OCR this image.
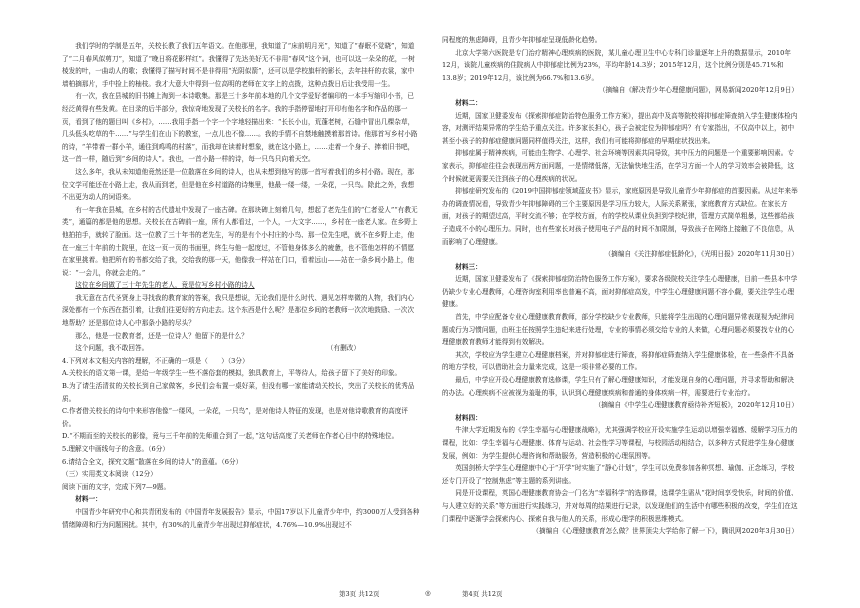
我们学时的学制是五年，关校长教了我们五年语文。在他那里，我知道了“床前明月光”，知道了“春眠不觉晓”，知道了“二月春风似剪刀”，知道了“晚日将花影样红”。我懂得了先达美好无不非用“春风”这个词，也可以这一朵朵的花，一树棱发的叶，一曲动人的歌；我懂得了描写时间不是非得用“光阴似箭”，还可以是学校旗杆的影长，去年挂杆的衣裳，家中墙柏摘那片，手中捡上的柚枝。我才大意大中得到一位高明的老师在文字上的点拨，这种点拨日后让我受用一生。

有一次，我在县城的旧书摊上淘到一本诗歌集。那是三十多年前本地的几个文学爱好者编印的一本手写缩印小书，已经泛黄得有些发黄。在目录的后半部分，我惊奇地发现了关校长的名字。我的手指停留地打开印有他名字和作品的那一页，看到了他的题目叫《乡村》，……我用手指一个字一个字地轻描出来：“长长小山，荒蓬老树，石缝中冒出几棵杂草，几头低头吃草的牛……”与学生们在山下的教室，一点儿也不像……。我的手情不自禁地触摸着那首诗。他那首写乡村小路的诗，“羊带着一群小羊，通往到鸡鸣的村落”，而我却在读着时想象，就在这小路上，……走着一个身子、捧着旧书吧，这一首一样，随后到“乡间的诗人”。我也，一首小路一样的诗，每一只鸟只向着天空。

这么多年，我从未知道他竟然还是一位散落在乡间的诗人，也从未想到他写的那一首写着我们的乡村小路。现在，那位文学可能还在小路上走，我从而到老，但是他在乡村道路的诗集里，他最一缕一缕，一朵花，一只鸟。除此之外，我想不出更为动人的词语来。

有一年我在县城，在乡村的古代遗址中发现了一座古碑。在那块碑上刻着几句，想起了老先生们的“仁者爱人”“有教无类”，通篇的都是他的思想。关校长在古碑前一座，所有人都看过，一个人，一大文字……，乡村在一座老人家。在乡野上他拍拍手，就转了脸面。这一位教了三十年书的老先生，写的是有个小村庄的小鸟、那一位先生吧，就不在乡野上走，他在一座三十年前的土院里，在这一页一页的书面里，终生与他一起度过，不管他身体多么的疲惫，也不管他怎样的不情愿在家里挑着。他把所有的书都交给了我，交给我的那一天，他像我一样站在门口，看着远山——站在一条乡间小路上，他说：“一会儿，你就会走的。”

这位在乡间做了三十年先生的老人，竟是位写乡村小路的诗人

我无意在古代圣贤身上寻找我的教育家的答案，我只是想说，无论我们是什么时代、遇见怎样卑微的人物，我们内心深处都有一个东西在指引着，让我们往更好的方向走去。这个东西是什么呢？是那位乡间的老教师一次次地鼓励、一次次地帮助？还是那位诗人心中那条小路的尽头？

那么，他是一位教育者，还是一位诗人？他留下的是什么？

这个问题，我不敢回答。	（有删改）

4.下列对本文相关内容的理解，不正确的一项是（　　）（3分）

A.关校长的语文第一课，是给一年级学生一些不落俗套的模拟，独具教育上，平等待人，给孩子留下了美好的印象。

B.为了请生活清贫的关校长到自己家做客，乡民们会布置一桌好菜，但没有哪一家能请动关校长，突出了关校长的优秀品质。

C.作者借关校长的诗句中来形容他像“一缕风，一朵花，一只鸟”，是对他诗人特征的发现，也是对他诗歌教育的高度评价。

D.“不期而至的关校长的影像，竟与三千年前的先师重合到了一起，”这句话高度了关老师在作者心目中的特殊地位。

5.理解文中画线句子的含意。（6分）

6.请结合全文，探究文题“散落在乡间的诗人”的意蕴。（6分）

（三）实用类文本阅读（12分）

阅读下面的文字，完成下列7—9题。

材料一：

中国青少年研究中心和共青团发布的《中国青年发展报告》显示，中国17岁以下儿童青少年中，约3000万人受到各种情绪障碍和行为问题困扰。其中，有30%的儿童青少年出现过抑郁症状，4.76%—10.9%出现过不

同程度的焦虑障碍，且青少年抑郁症呈现低龄化趋势。

北京大学第六医院是专门治疗精神心理疾病的医院，某儿童心理卫生中心专科门诊量逐年上升的数据显示，2010年12月，该院儿童疾病的住院病人中抑郁症比例为23%，平均年龄14.3岁；2015年12月，这个比例分别是45.71%和13.8岁；2019年12月，该比例为66.7%和13.6岁。

（摘编自《解决青少年心理健康问题》，网易新闻2020年12月9日）

材料二：

近期，国家卫健委发布《探索抑郁症防治特色服务工作方案》，提出高中及高等院校将抑郁症筛查纳入学生健康体检内容，对测评结果异常的学生给予重点关注。许多家长担心，孩子会被定位为抑郁症吗？有专家指出，不仅高中以上，初中甚至小孩子的抑郁症健康问题同样值得关注，这样，我们有可能将抑郁症的早期症状找出来。

抑郁症属于精神疾病，可能由生物学、心理学、社会环境等因素共同导致，其中压力的问题是一个重要影响因素。专家表示，抑郁症往往会表现出两方面问题，一是情绪低落，无法愉快地生活，在学习方面一个人的学习效率会被降低，这个时候就更需要关注到孩子的心理疾病的状况。

抑郁症研究发布的《2019中国抑郁症领域蓝皮书》显示，家庭原因是导致儿童青少年抑郁症的首要因素。从过年来举办的调查情况看，导致青少年抑郁障碍的三个主要原因是学习压力较大，人际关系紧张，家庭教育方式缺位。在家长方面，对孩子的期望过高，平时交流不够；在学校方面，有的学校从课业负担到学校纪律，管理方式简单粗暴，这些都给孩子造成不小的心理压力。同时，也有些家长对孩子使用电子产品的时间不加限制，导致孩子在网络上接触了不良信息，从而影响了心理健康。

（摘编自《关注抑郁症低龄化》，《光明日报》2020年11月30日）

材料三：

近期，国家卫健委发布了《探索抑郁症防治特色服务工作方案》，要求各级院校关注学生心理健康，目前一些县本中学仍缺少专业心理教师，心理咨询室利用率也普遍不高，面对抑郁症高发，中学生心理健康问题不容小觑，要关注学生心理健康。

首先，中学应配备专业心理健康教育教师，部分学校缺少专业教师，只能将学生出现的心理问题异常表现视为纪律问题或行为习惯问题，由班主任按照学生违纪来进行处理，专业的事情必须交给专业的人来做，心理问题必须要找专业的心理健康教育教师才能得到有效解决。

其次，学校应为学生建立心理健康档案，并对抑郁症进行筛查，将抑郁症筛查纳入学生健康体检，在一些条件不具备的地方学校，可以借助社会力量来完成，这是一项非常必要的工作。

最后，中学应开设心理健康教育选修课，学生只有了解心理健康知识，才能发现自身的心理问题，并寻求帮助和解决的办法。心理疾病不应被视为羞耻的事，认识到心理健康疾病和普通的身体疾病一样，需要进行专业治疗。

（摘编自《中学生心理健康教育亟待补齐短板》，2020年12月10日）

材料四：

牛津大学近期发布的《学生幸福与心理健康战略》，尤其强调学校应开设实施学生运动以增强幸福感、缓解学习压力的课程，比如：学生幸福与心理健康、体育与运动、社会性学习等课程，与校园活动相结合，以多种方式促进学生身心健康发展，例如：为学生提供心理咨询和帮助服务，营造积极的心理氛围等。

英国剑桥大学学生心理健康中心于“开学”时实施了“静心计划”，学生可以免费参加各种冥想、瑜伽、正念练习，学校还专门开设了“控制焦虑”等主题的系列讲座。

同是开设课程，英国心理健康教育协会一门名为“幸福科学”的选修课，选课学生需从“花时间享受快乐，时间的价值、与人建立好的关系”等方面进行实践练习，并对每周的结果进行记录，以发现他们的生活中有哪些积极的改变，学生们在这门课程中逐渐学会探索内心、探索自我与他人的关系，形成心理学的积极思维模式。

（摘编自《心理健康教育怎么做？世界顶尖大学给你了解一下》，腾讯网2020年3月30日）

第3页 共12页	◎	第4页 共12页
